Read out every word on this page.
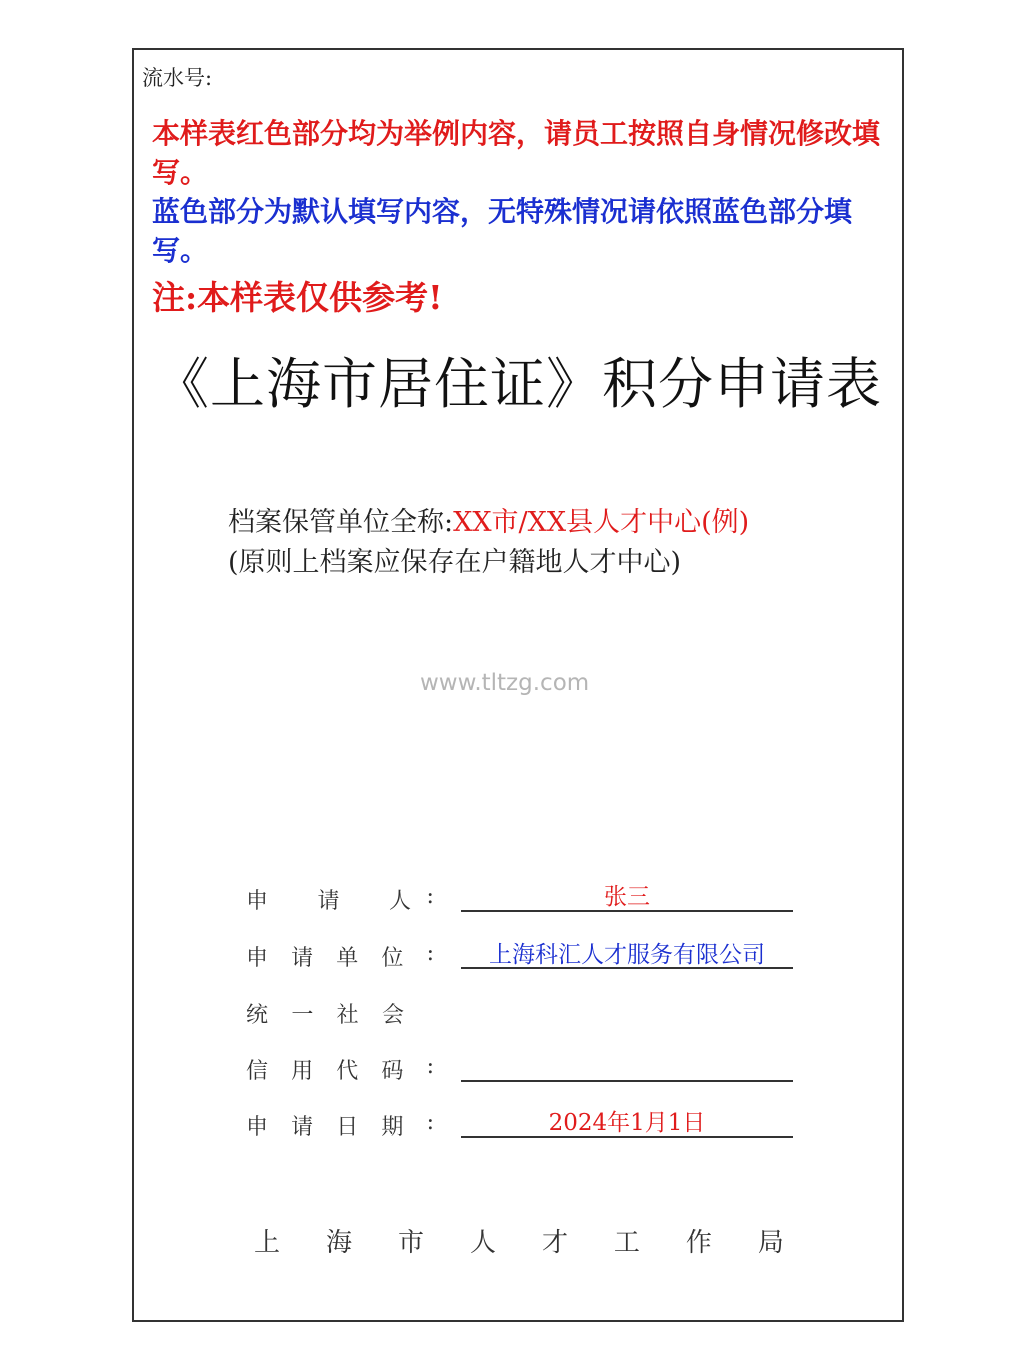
流水号:
本样表红色部分均为举例内容，请员工按照自身情况修改填写。
蓝色部分为默认填写内容，无特殊情况请依照蓝色部分填写。
注:本样表仅供参考!
《上海市居住证》积分申请表
档案保管单位全称:XX市/XX县人才中心(例)
(原则上档案应保存在户籍地人才中心)
www.tltzg.com
申 请 人 :	张三
申 请 单 位 :	上海科汇人才服务有限公司
统 一 社 会
信 用 代 码 :
申 请 日 期 :	2024年1月1日
上 海 市 人 才 工 作 局
